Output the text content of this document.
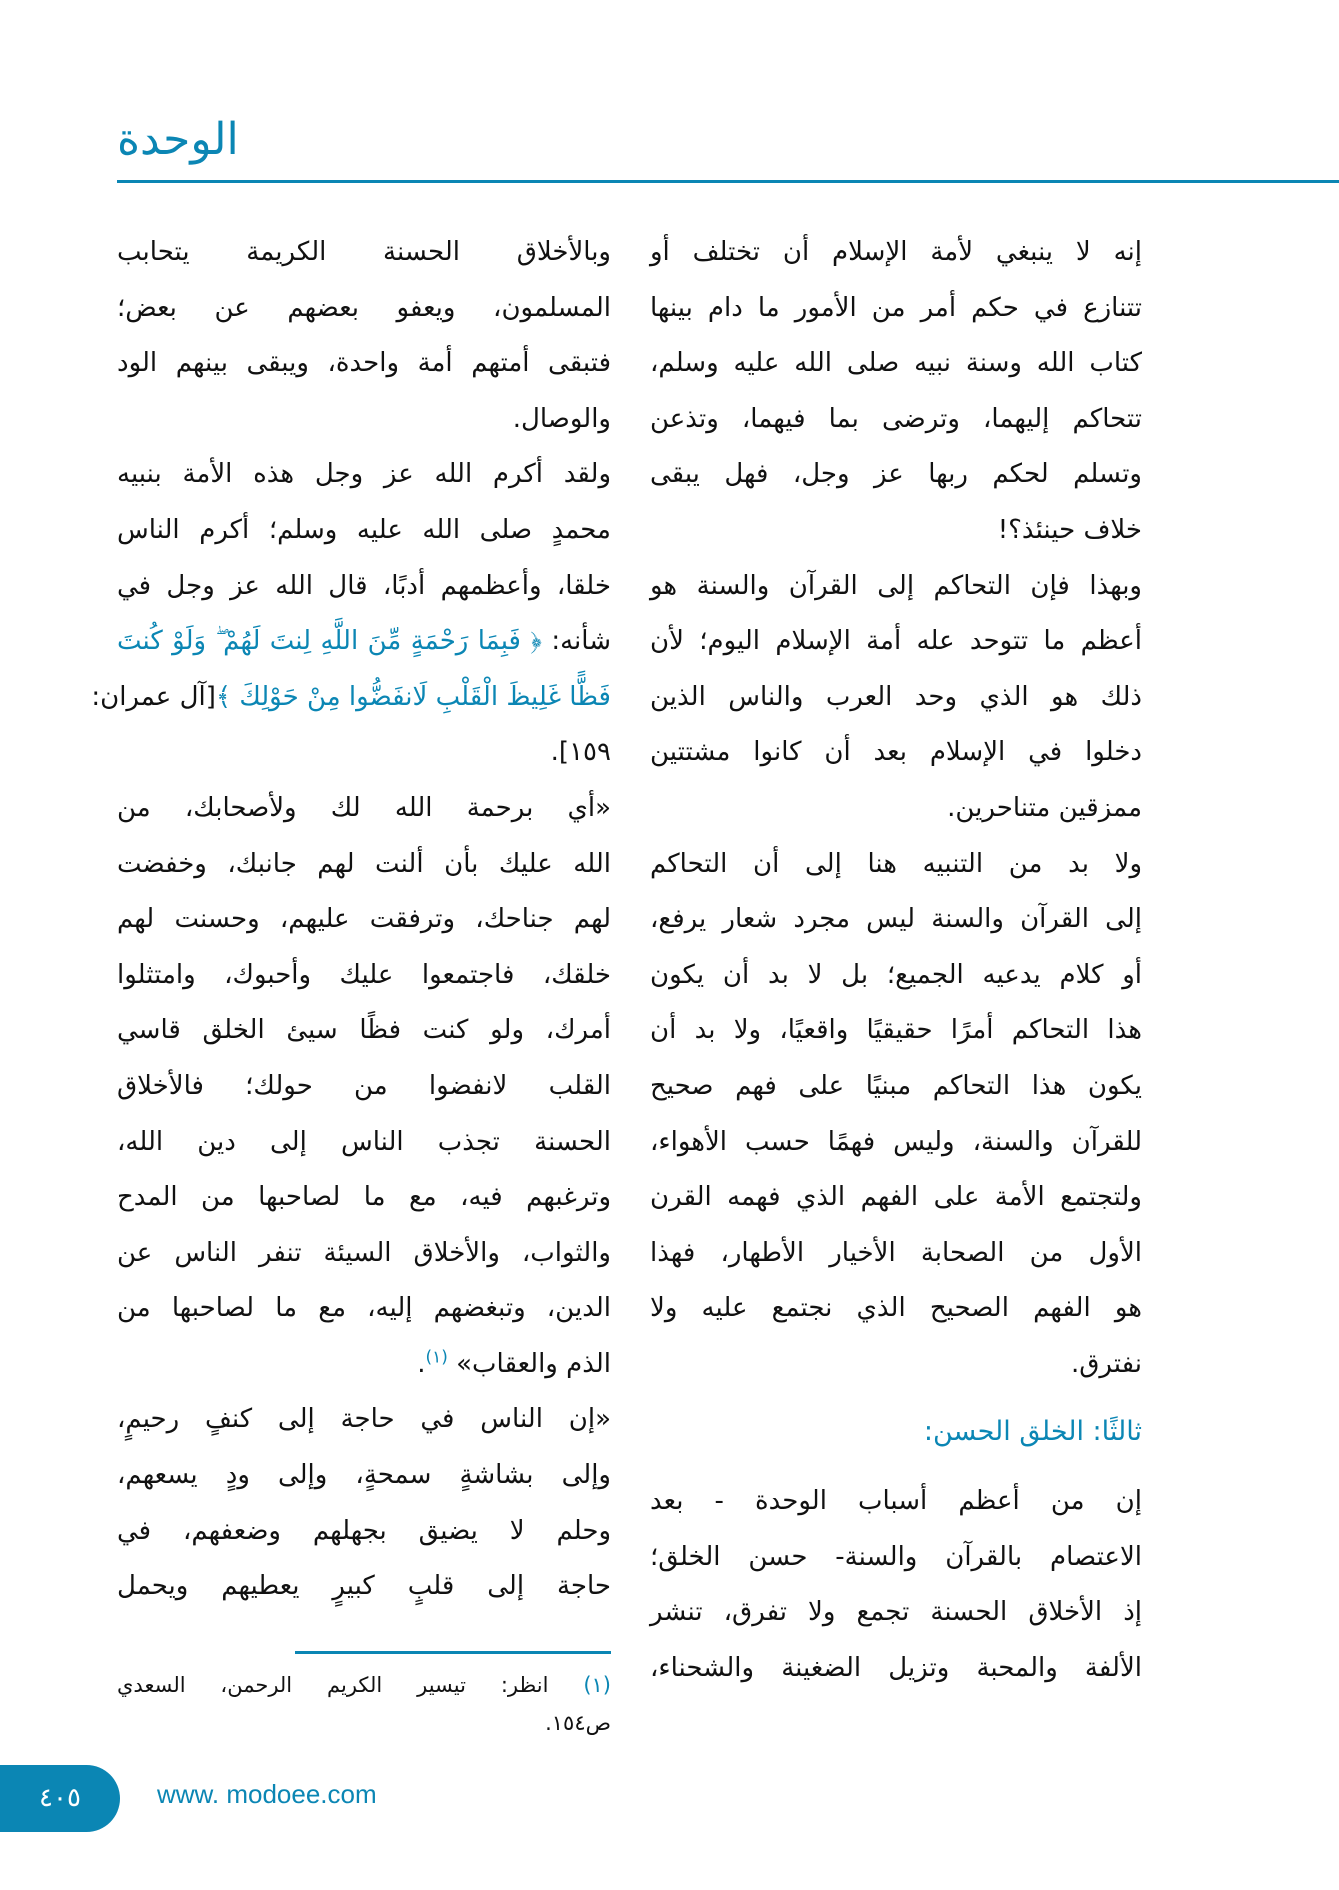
الوحدة
إنه لا ينبغي لأمة الإسلام أن تختلف أو
تتنازع في حكم أمر من الأمور ما دام بينها
كتاب الله وسنة نبيه صلى الله عليه وسلم،
تتحاكم إليهما، وترضى بما فيهما، وتذعن
وتسلم لحكم ربها عز وجل، فهل يبقى
خلاف حينئذ؟!
وبهذا فإن التحاكم إلى القرآن والسنة هو
أعظم ما تتوحد عله أمة الإسلام اليوم؛ لأن
ذلك هو الذي وحد العرب والناس الذين
دخلوا في الإسلام بعد أن كانوا مشتتين
ممزقين متناحرين.
ولا بد من التنبيه هنا إلى أن التحاكم
إلى القرآن والسنة ليس مجرد شعار يرفع،
أو كلام يدعيه الجميع؛ بل لا بد أن يكون
هذا التحاكم أمرًا حقيقيًا واقعيًا، ولا بد أن
يكون هذا التحاكم مبنيًا على فهم صحيح
للقرآن والسنة، وليس فهمًا حسب الأهواء،
ولتجتمع الأمة على الفهم الذي فهمه القرن
الأول من الصحابة الأخيار الأطهار، فهذا
هو الفهم الصحيح الذي نجتمع عليه ولا
نفترق.
ثالثًا: الخلق الحسن:
إن من أعظم أسباب الوحدة - بعد
الاعتصام بالقرآن والسنة- حسن الخلق؛
إذ الأخلاق الحسنة تجمع ولا تفرق، تنشر
الألفة والمحبة وتزيل الضغينة والشحناء،
وبالأخلاق الحسنة الكريمة يتحابب
المسلمون، ويعفو بعضهم عن بعض؛
فتبقى أمتهم أمة واحدة، ويبقى بينهم الود
والوصال.
ولقد أكرم الله عز وجل هذه الأمة بنبيه
محمدٍ صلى الله عليه وسلم؛ أكرم الناس
خلقا، وأعظمهم أدبًا، قال الله عز وجل في
شأنه: ﴿ فَبِمَا رَحْمَةٍ مِّنَ اللَّهِ لِنتَ لَهُمْ ۖ وَلَوْ كُنتَ
فَظًّا غَلِيظَ الْقَلْبِ لَانفَضُّوا مِنْ حَوْلِكَ ﴾[آل عمران:
١٥٩].
«أي برحمة الله لك ولأصحابك، من
الله عليك بأن ألنت لهم جانبك، وخفضت
لهم جناحك، وترفقت عليهم، وحسنت لهم
خلقك، فاجتمعوا عليك وأحبوك، وامتثلوا
أمرك، ولو كنت فظًا سيئ الخلق قاسي
القلب لانفضوا من حولك؛ فالأخلاق
الحسنة تجذب الناس إلى دين الله،
وترغبهم فيه، مع ما لصاحبها من المدح
والثواب، والأخلاق السيئة تنفر الناس عن
الدين، وتبغضهم إليه، مع ما لصاحبها من
الذم والعقاب» $^{(١)}$.
«إن الناس في حاجة إلى كنفٍ رحيمٍ،
وإلى بشاشةٍ سمحةٍ، وإلى ودٍ يسعهم،
وحلم لا يضيق بجهلهم وضعفهم، في
حاجة إلى قلبٍ كبيرٍ يعطيهم ويحمل
(١) انظر: تيسير الكريم الرحمن، السعدي
ص١٥٤.
٤٠٥	www. modoee.com
